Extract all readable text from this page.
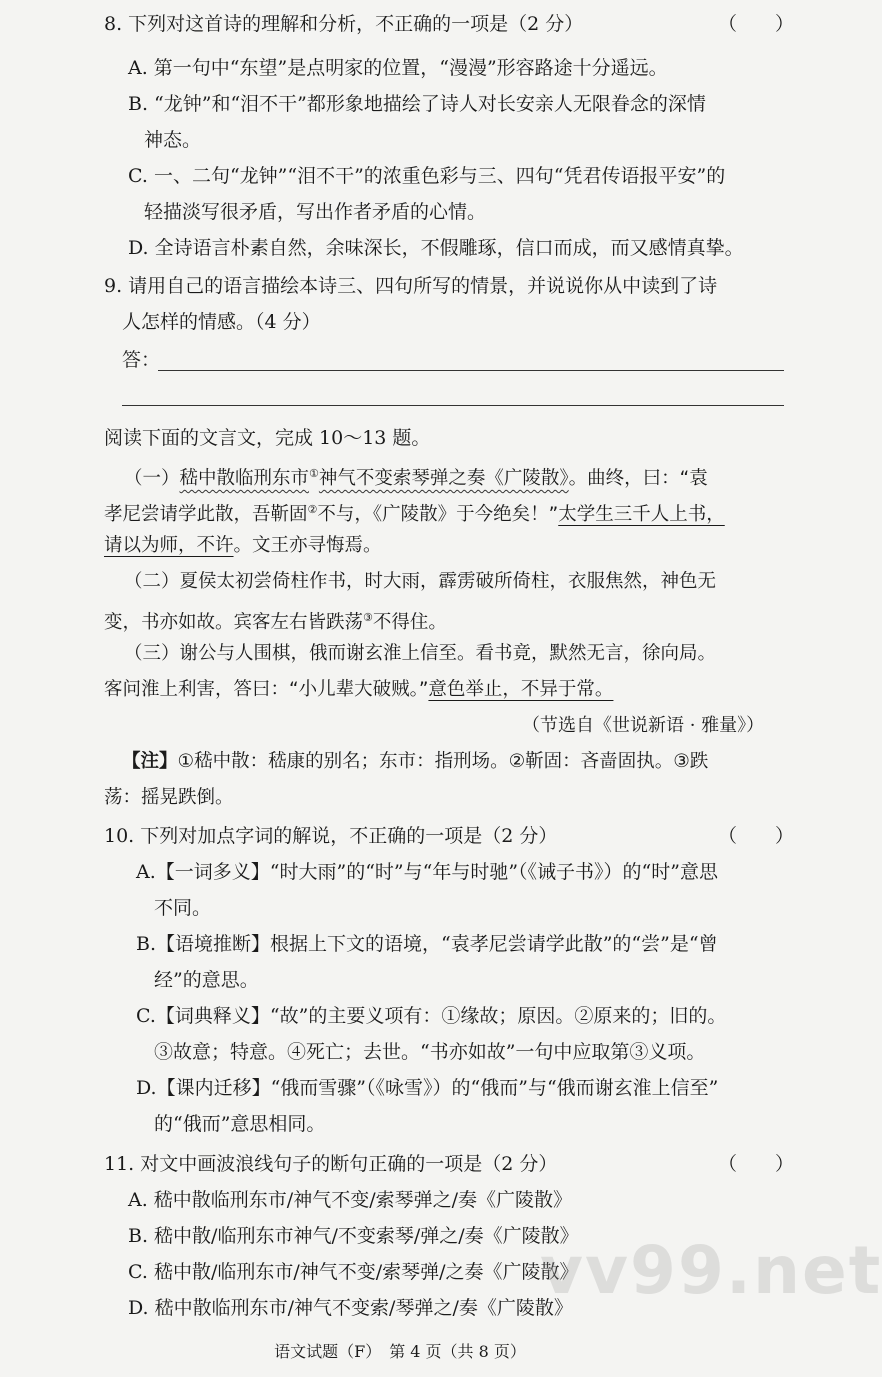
8. 下列对这首诗的理解和分析，不正确的一项是（2 分）	（　　）
A. 第一句中“东望”是点明家的位置，“漫漫”形容路途十分遥远。
B. “龙钟”和“泪不干”都形象地描绘了诗人对长安亲人无限眷念的深情
神态。
C. 一、二句“龙钟”“泪不干”的浓重色彩与三、四句“凭君传语报平安”的
轻描淡写很矛盾，写出作者矛盾的心情。
D. 全诗语言朴素自然，余味深长，不假雕琢，信口而成，而又感情真挚。
9. 请用自己的语言描绘本诗三、四句所写的情景，并说说你从中读到了诗
人怎样的情感。（4 分）
答：
阅读下面的文言文，完成 10～13 题。
（一）嵇中散临刑东市①神气不变索琴弹之奏《广陵散》。曲终，曰：“袁
孝尼尝请学此散，吾靳固②不与，《广陵散》于今绝矣！”太学生三千人上书，
请以为师，不许。文王亦寻悔焉。
（二）夏侯太初尝倚柱作书，时大雨，霹雳破所倚柱，衣服焦然，神色无
变，书亦如故。宾客左右皆跌荡③不得住。
（三）谢公与人围棋，俄而谢玄淮上信至。看书竟，默然无言，徐向局。
客问淮上利害，答曰：“小儿辈大破贼。”意色举止，不异于常。
（节选自《世说新语 · 雅量》）
【注】①嵇中散：嵇康的别名；东市：指刑场。②靳固：吝啬固执。③跌
荡：摇晃跌倒。
10. 下列对加点字词的解说，不正确的一项是（2 分）	（　　）
A.【一词多义】“时大雨”的“时”与“年与时驰”（《诫子书》）的“时”意思
不同。
B.【语境推断】根据上下文的语境，“袁孝尼尝请学此散”的“尝”是“曾
经”的意思。
C.【词典释义】“故”的主要义项有：①缘故；原因。②原来的；旧的。
③故意；特意。④死亡；去世。“书亦如故”一句中应取第③义项。
D.【课内迁移】“俄而雪骤”（《咏雪》）的“俄而”与“俄而谢玄淮上信至”
的“俄而”意思相同。
11. 对文中画波浪线句子的断句正确的一项是（2 分）	（　　）
A. 嵇中散临刑东市/神气不变/索琴弹之/奏《广陵散》
B. 嵇中散/临刑东市神气/不变索琴/弹之/奏《广陵散》
C. 嵇中散/临刑东市/神气不变/索琴弹/之奏《广陵散》
D. 嵇中散临刑东市/神气不变索/琴弹之/奏《广陵散》
vv99.net
语文试题（F）　第 4 页（共 8 页）
